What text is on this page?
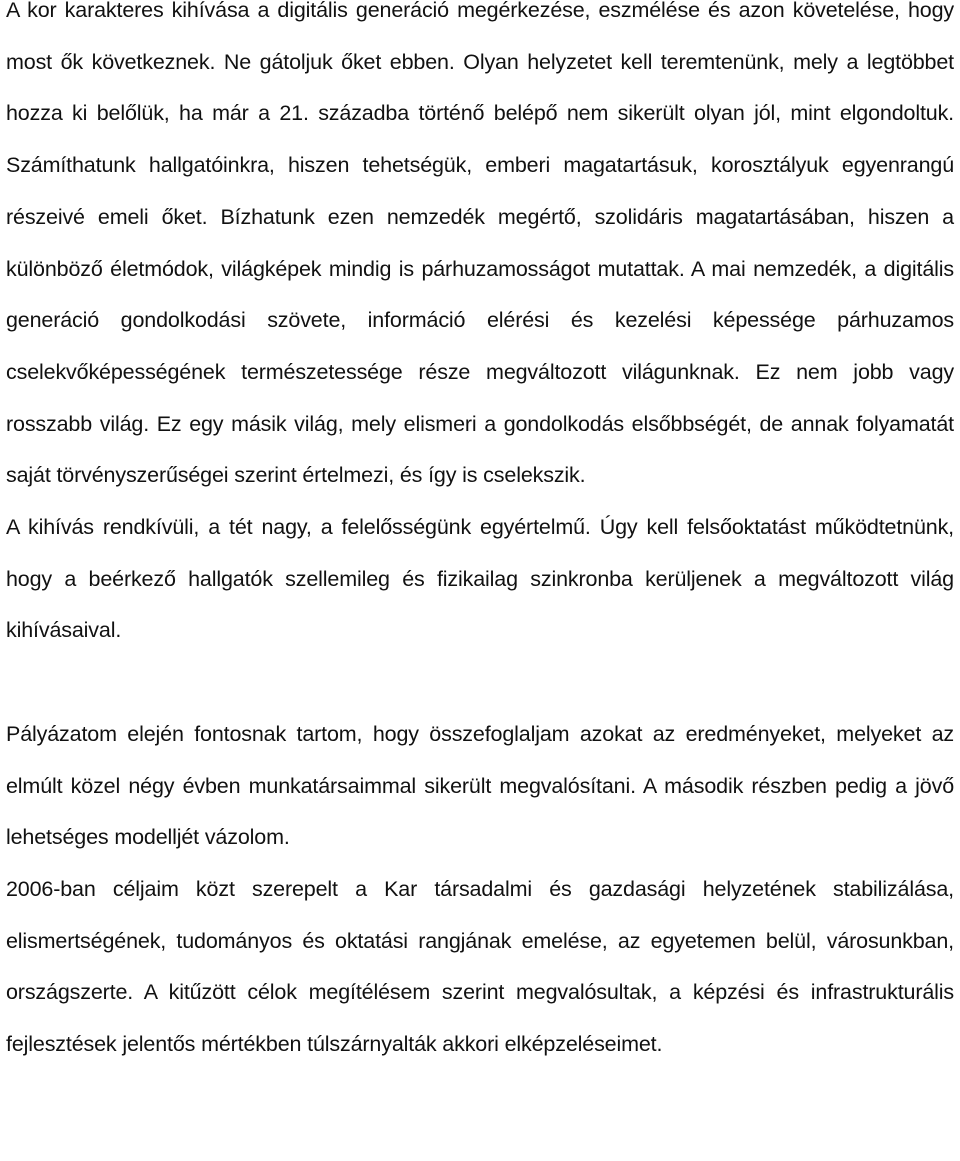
A kor karakteres kihívása a digitális generáció megérkezése, eszmélése és azon követelése, hogy most ők következnek. Ne gátoljuk őket ebben. Olyan helyzetet kell teremtenünk, mely a legtöbbet hozza ki belőlük, ha már a 21. századba történő belépő nem sikerült olyan jól, mint elgondoltuk. Számíthatunk hallgatóinkra, hiszen tehetségük, emberi magatartásuk, korosztályuk egyenrangú részeivé emeli őket. Bízhatunk ezen nemzedék megértő, szolidáris magatartásában, hiszen a különböző életmódok, világképek mindig is párhuzamosságot mutattak. A mai nemzedék, a digitális generáció gondolkodási szövete, információ elérési és kezelési képessége párhuzamos cselekvőképességének természetessége része megváltozott világunknak. Ez nem jobb vagy rosszabb világ. Ez egy másik világ, mely elismeri a gondolkodás elsőbbségét, de annak folyamatát saját törvényszerűségei szerint értelmezi, és így is cselekszik.

A kihívás rendkívüli, a tét nagy, a felelősségünk egyértelmű. Úgy kell felsőoktatást működtetnünk, hogy a beérkező hallgatók szellemileg és fizikailag szinkronba kerüljenek a megváltozott világ kihívásaival.

Pályázatom elején fontosnak tartom, hogy összefoglaljam azokat az eredményeket, melyeket az elmúlt közel négy évben munkatársaimmal sikerült megvalósítani. A második részben pedig a jövő lehetséges modelljét vázolom.

2006-ban céljaim közt szerepelt a Kar társadalmi és gazdasági helyzetének stabilizálása, elismertségének, tudományos és oktatási rangjának emelése, az egyetemen belül, városunkban, országszerte. A kitűzött célok megítélésem szerint megvalósultak, a képzési és infrastrukturális fejlesztések jelentős mértékben túlszárnyalták akkori elképzeléseimet.
